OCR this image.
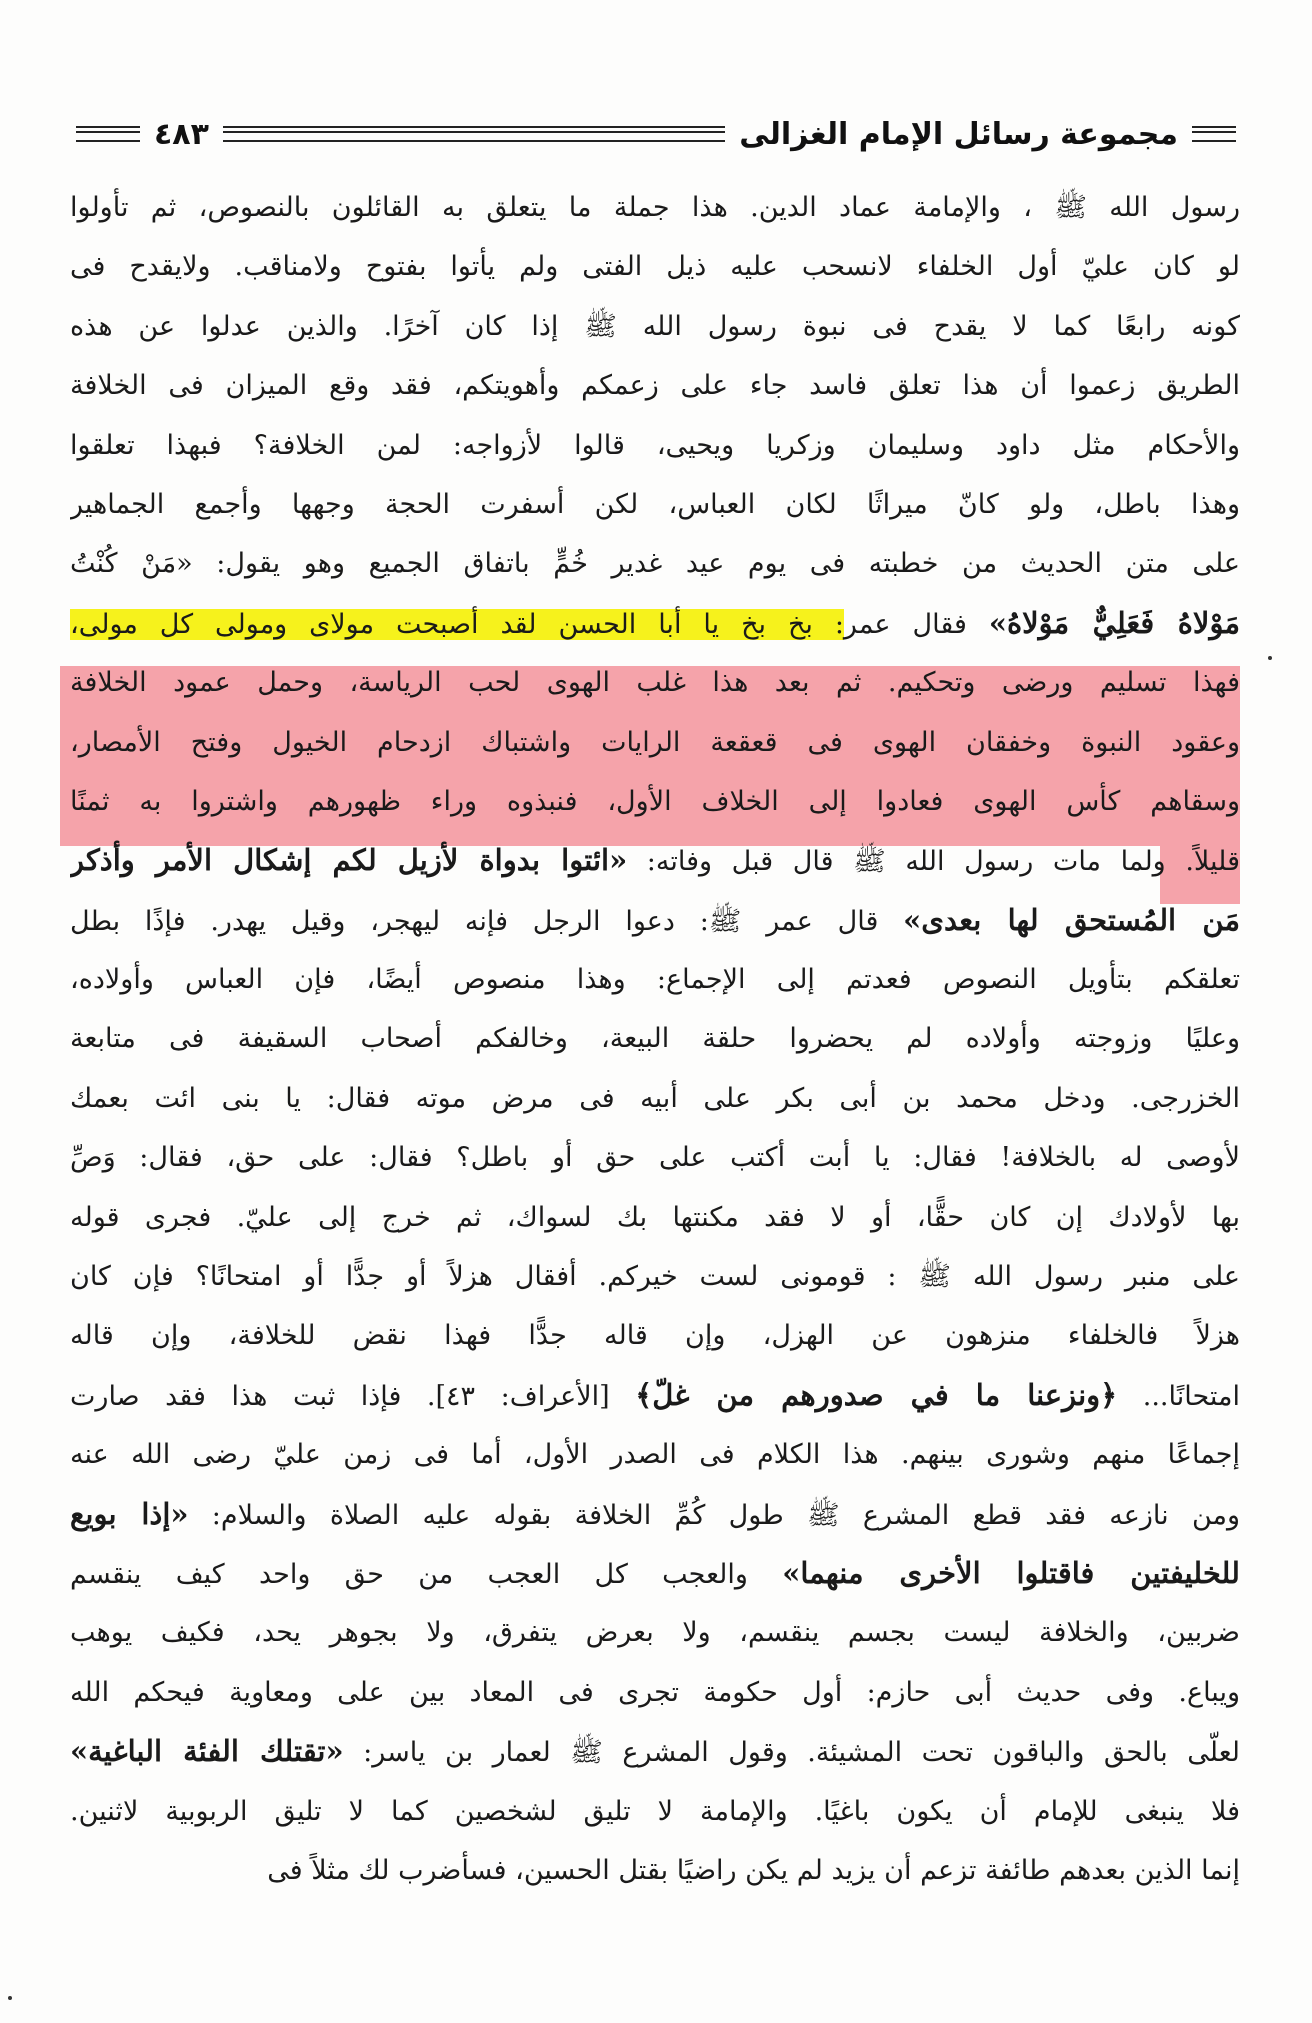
مجموعة رسائل الإمام الغزالى
٤٨٣
رسول الله ﷺ ، والإمامة عماد الدين. هذا جملة ما يتعلق به القائلون بالنصوص، ثم تأولوا
لو كان عليّ أول الخلفاء لانسحب عليه ذيل الفتى ولم يأتوا بفتوح ولامناقب. ولايقدح فى
كونه رابعًا كما لا يقدح فى نبوة رسول الله ﷺ إذا كان آخرًا. والذين عدلوا عن هذه
الطريق زعموا أن هذا تعلق فاسد جاء على زعمكم وأهويتكم، فقد وقع الميزان فى الخلافة
والأحكام مثل داود وسليمان وزكريا ويحيى، قالوا لأزواجه: لمن الخلافة؟ فبهذا تعلقوا
وهذا باطل، ولو كانّ ميراثًا لكان العباس، لكن أسفرت الحجة وجهها وأجمع الجماهير
على متن الحديث من خطبته فى يوم عيد غدير خُمٍّ باتفاق الجميع وهو يقول: «مَنْ كُنْتُ
مَوْلاهُ فَعَلِيٌّ مَوْلاهُ» فقال عمر: بخ بخ يا أبا الحسن لقد أصبحت مولاى ومولى كل مولى،
فهذا تسليم ورضى وتحكيم. ثم بعد هذا غلب الهوى لحب الرياسة، وحمل عمود الخلافة
وعقود النبوة وخفقان الهوى فى قعقعة الرايات واشتباك ازدحام الخيول وفتح الأمصار،
وسقاهم كأس الهوى فعادوا إلى الخلاف الأول، فنبذوه وراء ظهورهم واشتروا به ثمنًا
قليلاً. ولما مات رسول الله ﷺ قال قبل وفاته: «ائتوا بدواة لأزيل لكم إشكال الأمر وأذكر
مَن المُستحق لها بعدى» قال عمر ﷺ: دعوا الرجل فإنه ليهجر، وقيل يهدر. فإذًا بطل
تعلقكم بتأويل النصوص فعدتم إلى الإجماع: وهذا منصوص أيضًا، فإن العباس وأولاده،
وعليًا وزوجته وأولاده لم يحضروا حلقة البيعة، وخالفكم أصحاب السقيفة فى متابعة
الخزرجى. ودخل محمد بن أبى بكر على أبيه فى مرض موته فقال: يا بنى ائت بعمك
لأوصى له بالخلافة! فقال: يا أبت أكتب على حق أو باطل؟ فقال: على حق، فقال: وَصِّ
بها لأولادك إن كان حقًّا، أو لا فقد مكنتها بك لسواك، ثم خرج إلى عليّ. فجرى قوله
على منبر رسول الله ﷺ : قومونى لست خيركم. أفقال هزلاً أو جدًّا أو امتحانًا؟ فإن كان
هزلاً فالخلفاء منزهون عن الهزل، وإن قاله جدًّا فهذا نقض للخلافة، وإن قاله
امتحانًا... ﴿ونزعنا ما في صدورهم من غلّ﴾ [الأعراف: ٤٣]. فإذا ثبت هذا فقد صارت
إجماعًا منهم وشورى بينهم. هذا الكلام فى الصدر الأول، أما فى زمن عليّ رضى الله عنه
ومن نازعه فقد قطع المشرع ﷺ طول كُمِّ الخلافة بقوله عليه الصلاة والسلام: «إذا بويع
للخليفتين فاقتلوا الأخرى منهما» والعجب كل العجب من حق واحد كيف ينقسم
ضربين، والخلافة ليست بجسم ينقسم، ولا بعرض يتفرق، ولا بجوهر يحد، فكيف يوهب
ويباع. وفى حديث أبى حازم: أول حكومة تجرى فى المعاد بين على ومعاوية فيحكم الله
لعلّى بالحق والباقون تحت المشيئة. وقول المشرع ﷺ لعمار بن ياسر: «تقتلك الفئة الباغية»
فلا ينبغى للإمام أن يكون باغيًا. والإمامة لا تليق لشخصين كما لا تليق الربوبية لاثنين.
إنما الذين بعدهم طائفة تزعم أن يزيد لم يكن راضيًا بقتل الحسين، فسأضرب لك مثلاً فى
